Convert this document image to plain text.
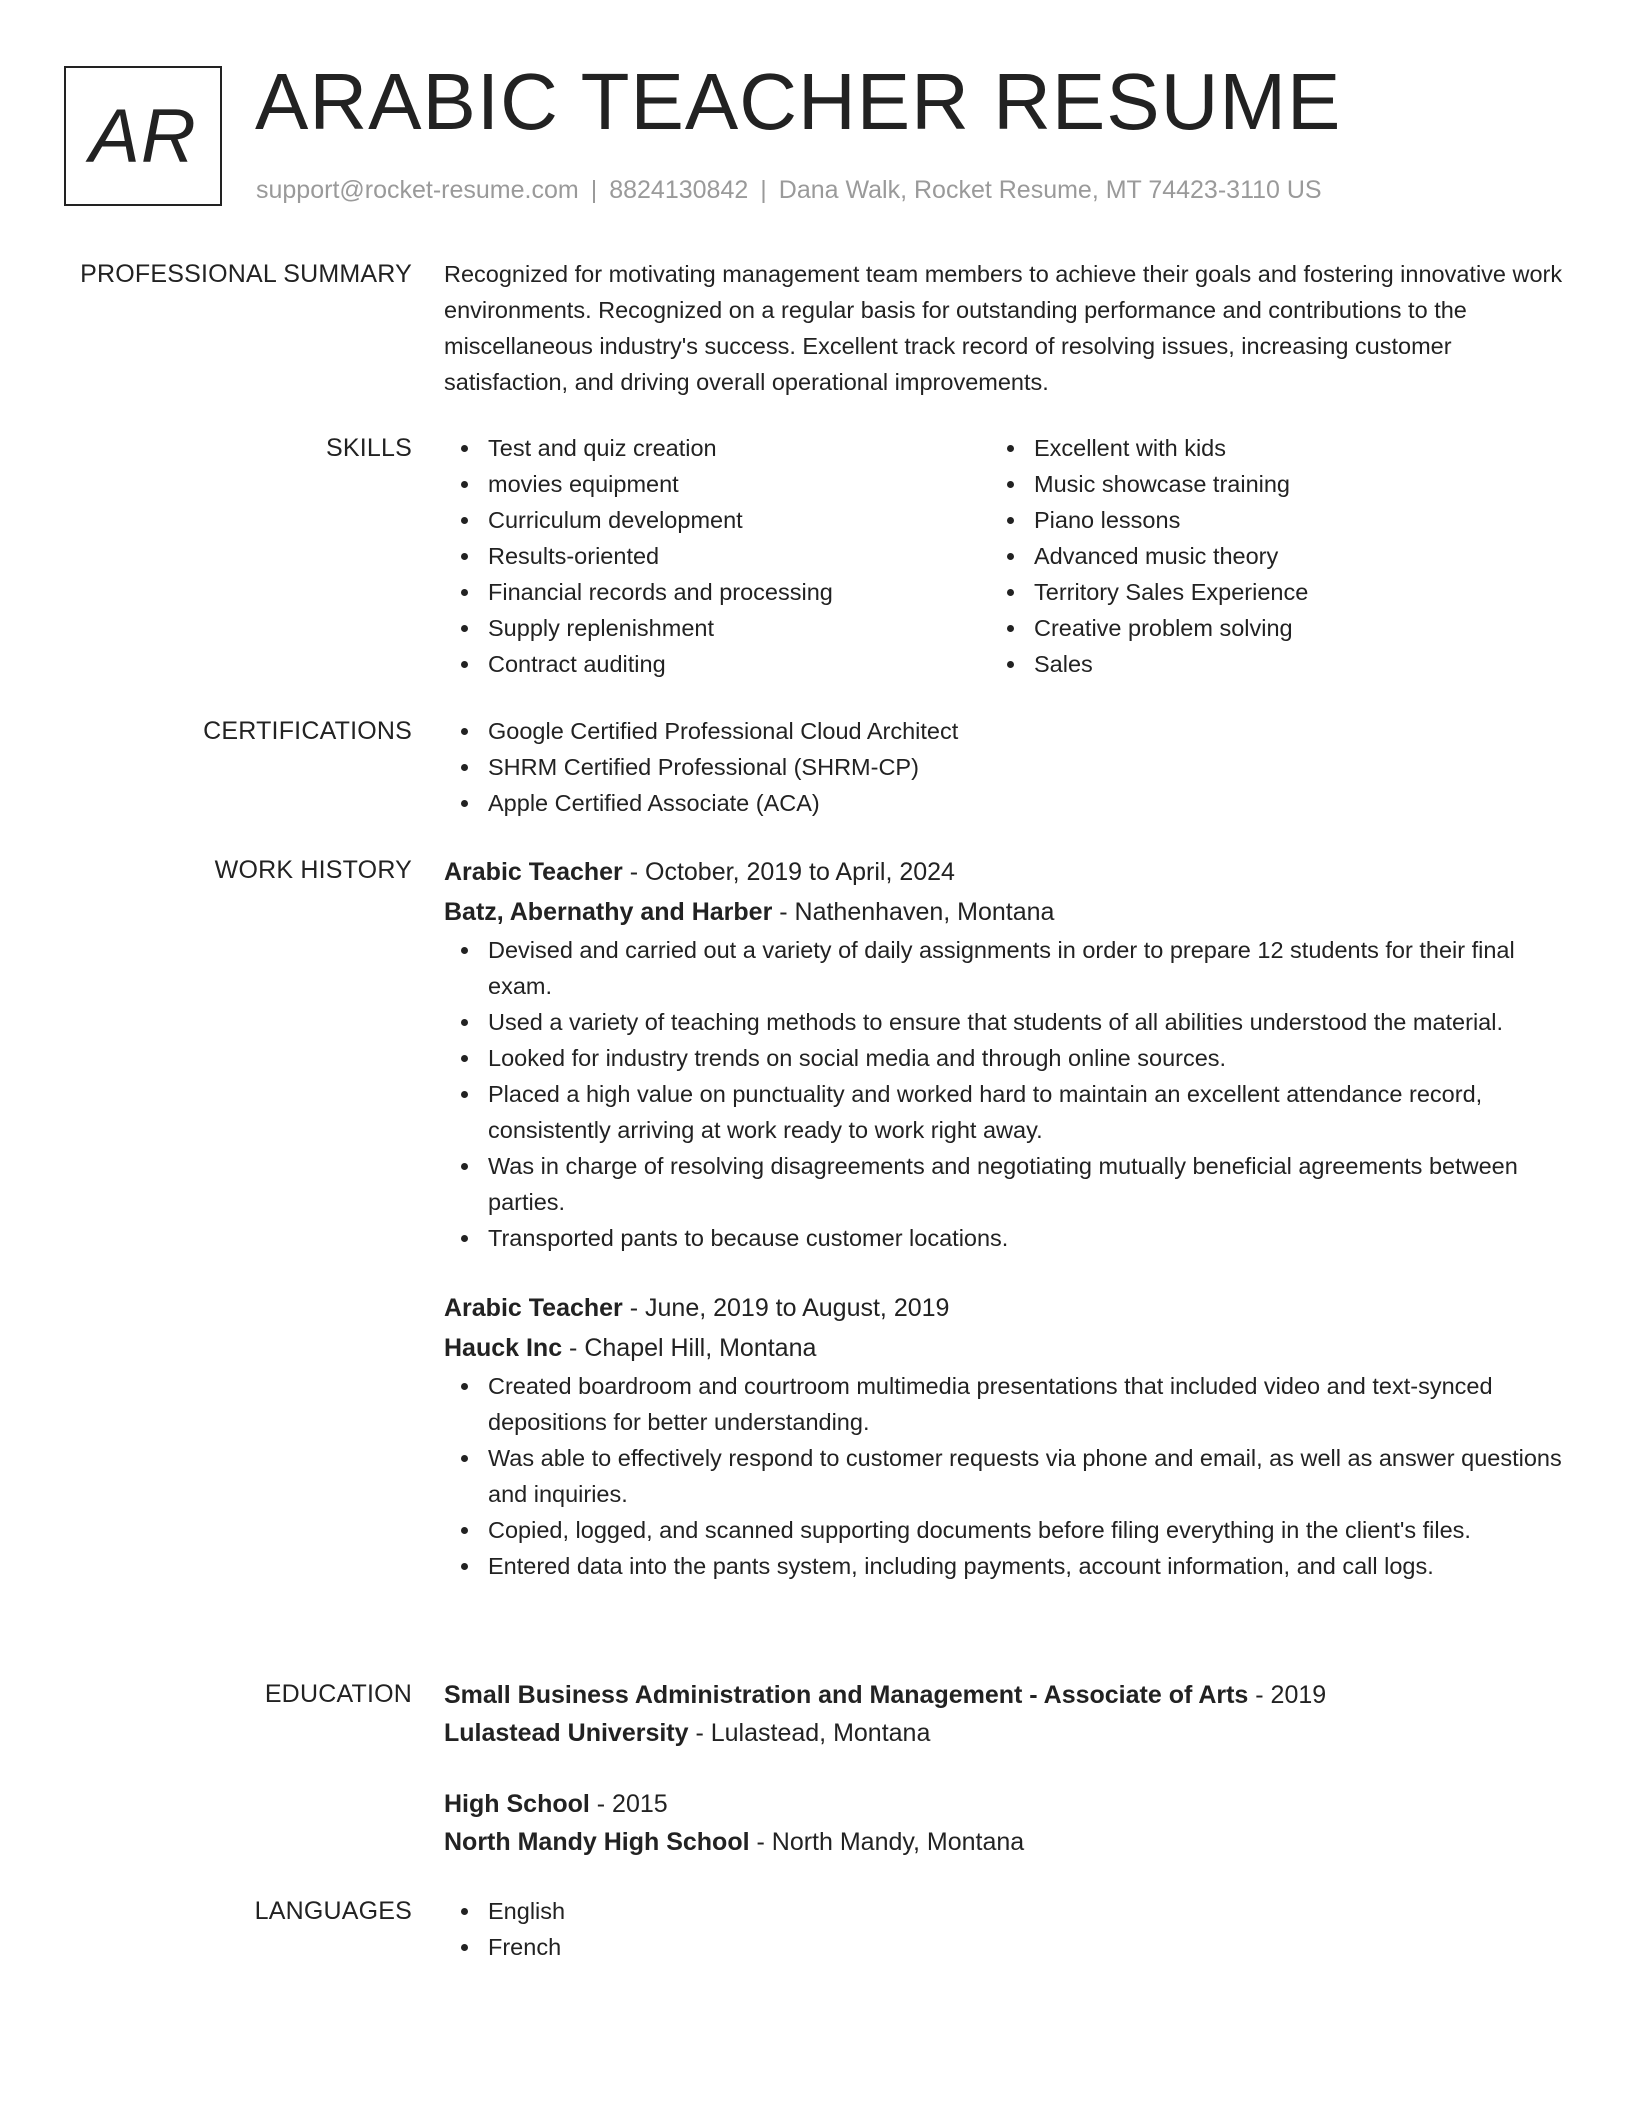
AR ARABIC TEACHER RESUME
support@rocket-resume.com | 8824130842 | Dana Walk, Rocket Resume, MT 74423-3110 US
PROFESSIONAL SUMMARY Recognized for motivating management team members to achieve their goals and fostering innovative work environments. Recognized on a regular basis for outstanding performance and contributions to the miscellaneous industry's success. Excellent track record of resolving issues, increasing customer satisfaction, and driving overall operational improvements.

SKILLS	Test and quiz creation
movies equipment
Curriculum development
Results-oriented
Financial records and processing
Supply replenishment
Contract auditing
Excellent with kids
Music showcase training
Piano lessons
Advanced music theory
Territory Sales Experience
Creative problem solving
Sales
CERTIFICATIONS	Google Certified Professional Cloud Architect
SHRM Certified Professional (SHRM-CP)
Apple Certified Associate (ACA)
WORK HISTORY Arabic Teacher - October, 2019 to April, 2024
Batz, Abernathy and Harber - Nathenhaven, Montana
Devised and carried out a variety of daily assignments in order to prepare 12 students for their final exam.
Used a variety of teaching methods to ensure that students of all abilities understood the material.
Looked for industry trends on social media and through online sources.
Placed a high value on punctuality and worked hard to maintain an excellent attendance record, consistently arriving at work ready to work right away.
Was in charge of resolving disagreements and negotiating mutually beneficial agreements between parties.
Transported pants to because customer locations.
Arabic Teacher - June, 2019 to August, 2019
Hauck Inc - Chapel Hill, Montana
Created boardroom and courtroom multimedia presentations that included video and text-synced depositions for better understanding.
Was able to effectively respond to customer requests via phone and email, as well as answer questions and inquiries.
Copied, logged, and scanned supporting documents before filing everything in the client's files.
Entered data into the pants system, including payments, account information, and call logs.
EDUCATION Small Business Administration and Management - Associate of Arts - 2019
Lulastead University - Lulastead, Montana
High School - 2015
North Mandy High School - North Mandy, Montana
LANGUAGES	English
French
